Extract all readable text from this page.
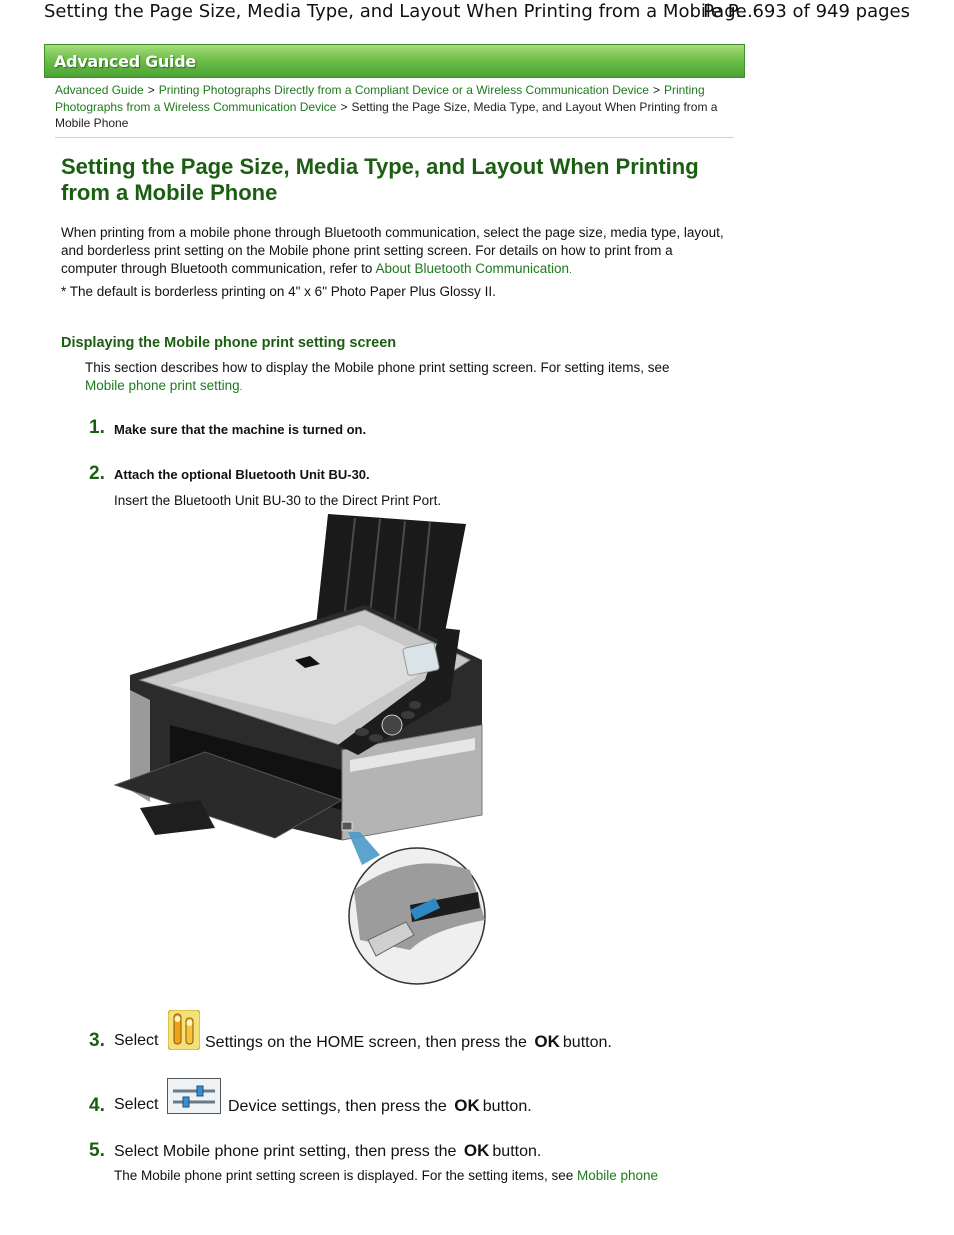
Setting the Page Size, Media Type, and Layout When Printing from a Mobile P...
Page 693 of 949 pages
Advanced Guide
Advanced Guide > Printing Photographs Directly from a Compliant Device or a Wireless Communication Device > Printing Photographs from a Wireless Communication Device > Setting the Page Size, Media Type, and Layout When Printing from a Mobile Phone
Setting the Page Size, Media Type, and Layout When Printing from a Mobile Phone

When printing from a mobile phone through Bluetooth communication, select the page size, media type, layout, and borderless print setting on the Mobile phone print setting screen. For details on how to print from a computer through Bluetooth communication, refer to About Bluetooth Communication.

* The default is borderless printing on 4" x 6" Photo Paper Plus Glossy II.

Displaying the Mobile phone print setting screen

This section describes how to display the Mobile phone print setting screen. For setting items, see Mobile phone print setting.

1. Make sure that the machine is turned on.
2. Attach the optional Bluetooth Unit BU-30.
Insert the Bluetooth Unit BU-30 to the Direct Print Port.
3. Select	Settings on the HOME screen, then press the OK button.
4. Select	Device settings, then press the OK button.
5. Select Mobile phone print setting, then press the OK button.
The Mobile phone print setting screen is displayed. For the setting items, see Mobile phone
